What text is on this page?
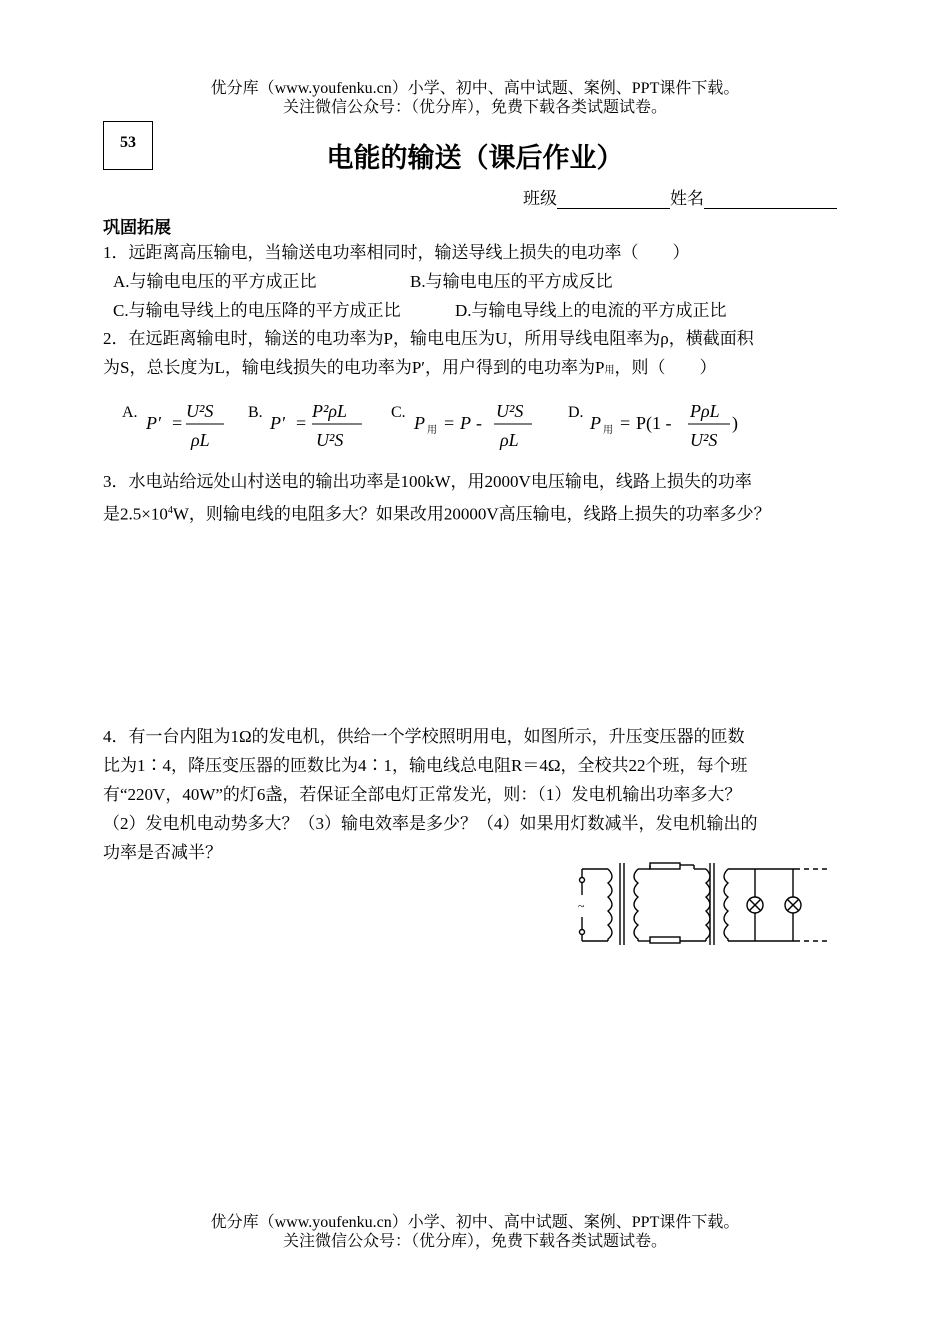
优分库（www.youfenku.cn）小学、初中、高中试题、案例、PPT课件下载。
关注微信公众号：（优分库），免费下载各类试题试卷。
53
电能的输送（课后作业）
班级	姓名
巩固拓展
1．远距离高压输电，当输送电功率相同时，输送导线上损失的电功率（　　）
A.与输电电压的平方成正比	B.与输电电压的平方成反比
C.与输电导线上的电压降的平方成正比	D.与输电导线上的电流的平方成正比
2．在远距离输电时，输送的电功率为P，输电电压为U，所用导线电阻率为ρ，横截面积
为S，总长度为L，输电线损失的电功率为P′，用户得到的电功率为P用，则（　　）
A.
P′ =
U²S
ρL
B.
P′ =
P²ρL
U²S
C.
P 用 = P -
U²S
ρL
D.
P 用 = P(1 -
PρL
U²S
)
3．水电站给远处山村送电的输出功率是100kW，用2000V电压输电，线路上损失的功率
是$2.5\times 10^4W$，则输电线的电阻多大？如果改用20000V高压输电，线路上损失的功率多少？
4．有一台内阻为1Ω的发电机，供给一个学校照明用电，如图所示，升压变压器的匝数
比为1∶4，降压变压器的匝数比为4∶1，输电线总电阻R＝4Ω，全校共22个班，每个班
有“220V，40W”的灯6盏，若保证全部电灯正常发光，则：（1）发电机输出功率多大？
（2）发电机电动势多大？（3）输电效率是多少？（4）如果用灯数减半，发电机输出的
功率是否减半？
~
优分库（www.youfenku.cn）小学、初中、高中试题、案例、PPT课件下载。
关注微信公众号：（优分库），免费下载各类试题试卷。
